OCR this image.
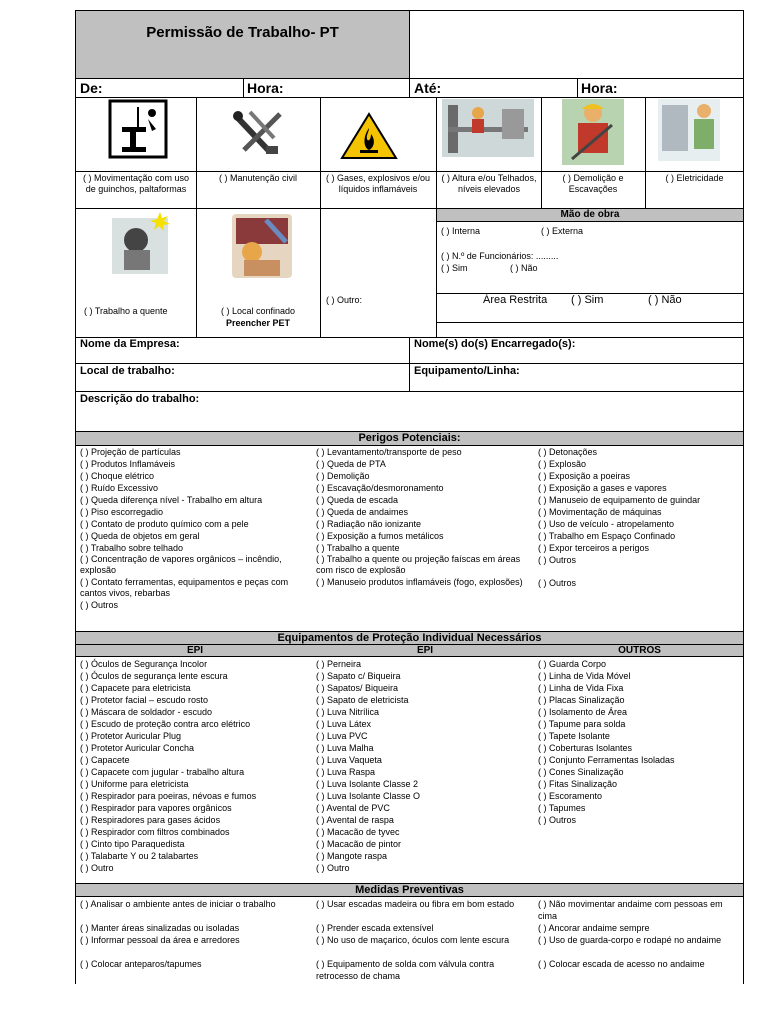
Permissão de Trabalho- PT
De:	Hora:	Até:	Hora:
( ) Movimentação com uso de guinchos, paltaformas
( ) Manutenção civil	( ) Gases, explosivos e/ou líquidos inflamáveis
( ) Altura e/ou Telhados, níveis elevados
( ) Demolição e Escavações
( ) Eletricidade
( ) Trabalho a quente	( ) Local confinado
Preencher PET
( ) Outro:
Mão de obra
( ) Interna	( ) Externa
( ) N.º de Funcionários: .........
( ) Sim	( ) Não
Área Restrita ( ) Sim	( ) Não
Nome da Empresa:	Nome(s) do(s) Encarregado(s):
Local de trabalho:	Equipamento/Linha:
Descrição do trabalho:
Perigos Potenciais:
( ) Projeção de partículas
( ) Produtos Inflamáveis
( ) Choque elétrico
( ) Ruído Excessivo
( ) Queda diferença nível - Trabalho em altura
( ) Piso escorregadio
( ) Contato de produto químico com a pele
( ) Queda de objetos em geral
( ) Trabalho sobre telhado
( ) Concentração de vapores orgânicos – incêndio, explosão
( ) Contato ferramentas, equipamentos e peças com cantos vivos, rebarbas
( ) Outros
( ) Levantamento/transporte de peso
( ) Queda de PTA
( ) Demolição
( ) Escavação/desmoronamento
( ) Queda de escada
( ) Queda de andaimes
( ) Radiação não ionizante
( ) Exposição a fumos metálicos
( ) Trabalho a quente
( ) Trabalho a quente ou projeção faíscas em áreas com risco de explosão
( ) Manuseio produtos inflamáveis (fogo, explosões)
( ) Detonações
( ) Explosão
( ) Exposição a poeiras
( ) Exposição a gases e vapores
( ) Manuseio de equipamento de guindar
( ) Movimentação de máquinas
( ) Uso de veículo - atropelamento
( ) Trabalho em Espaço Confinado
( ) Expor terceiros a perigos
( ) Outros
( ) Outros
Equipamentos de Proteção Individual Necessários
EPI	EPI	OUTROS
( ) Óculos de Segurança Incolor
( ) Óculos de segurança lente escura
( ) Capacete para eletricista
( ) Protetor facial – escudo rosto
( ) Máscara de soldador - escudo
( ) Escudo de proteção contra arco elétrico
( ) Protetor Auricular Plug
( ) Protetor Auricular Concha
( ) Capacete
( ) Capacete com jugular - trabalho altura
( ) Uniforme para eletricista
( ) Respirador para poeiras, névoas e fumos
( ) Respirador para vapores orgânicos
( ) Respiradores para gases ácidos
( ) Respirador com filtros combinados
( ) Cinto tipo Paraquedista
( ) Talabarte Y ou 2 talabartes
( ) Outro
( ) Perneira
( ) Sapato c/ Biqueira
( ) Sapatos/ Biqueira
( ) Sapato de eletricista
( ) Luva Nitrílica
( ) Luva Látex
( ) Luva PVC
( ) Luva Malha
( ) Luva Vaqueta
( ) Luva Raspa
( ) Luva Isolante Classe 2
( ) Luva Isolante Classe O
( ) Avental de PVC
( ) Avental de raspa
( ) Macacão de tyvec
( ) Macacão de pintor
( ) Mangote raspa
( ) Outro
( ) Guarda Corpo
( ) Linha de Vida Móvel
( ) Linha de Vida Fixa
( ) Placas Sinalização
( ) Isolamento de Área
( ) Tapume para solda
( ) Tapete Isolante
( ) Coberturas Isolantes
( ) Conjunto Ferramentas Isoladas
( ) Cones Sinalização
( ) Fitas Sinalização
( ) Escoramento
( ) Tapumes
( ) Outros
Medidas Preventivas
( ) Analisar o ambiente antes de iniciar o trabalho
( ) Manter áreas sinalizadas ou isoladas
( ) Informar pessoal da área e arredores
( ) Colocar anteparos/tapumes
( ) Usar escadas madeira ou fibra em bom estado
( ) Prender escada extensível
( ) No uso de maçarico, óculos com lente escura
( ) Equipamento de solda com válvula contra retrocesso de chama
( ) Não movimentar andaime com pessoas em cima
( ) Ancorar andaime sempre
( ) Uso de guarda-corpo e rodapé no andaime
( ) Colocar escada de acesso no andaime
